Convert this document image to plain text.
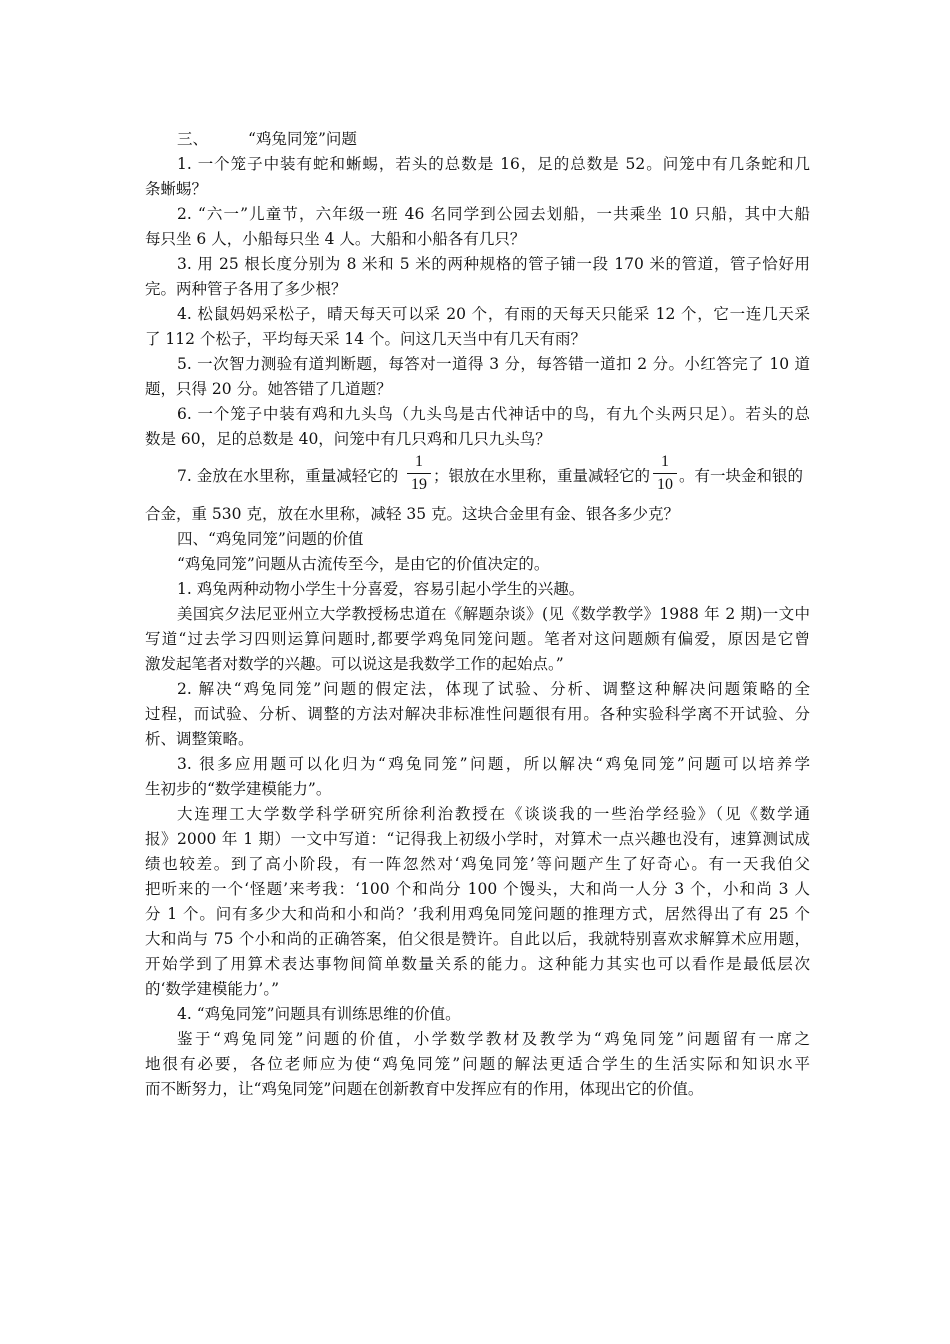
三、	“鸡兔同笼”问题
1. 一个笼子中装有蛇和蜥蜴，若头的总数是 16，足的总数是 52。问笼中有几条蛇和几
条蜥蜴？
2. “六一”儿童节，六年级一班 46 名同学到公园去划船，一共乘坐 10 只船，其中大船
每只坐 6 人，小船每只坐 4 人。大船和小船各有几只？
3. 用 25 根长度分别为 8 米和 5 米的两种规格的管子铺一段 170 米的管道，管子恰好用
完。两种管子各用了多少根？
4. 松鼠妈妈采松子，晴天每天可以采 20 个，有雨的天每天只能采 12 个，它一连几天采
了 112 个松子，平均每天采 14 个。问这几天当中有几天有雨？
5. 一次智力测验有道判断题，每答对一道得 3 分，每答错一道扣 2 分。小红答完了 10 道
题，只得 20 分。她答错了几道题？
6. 一个笼子中装有鸡和九头鸟（九头鸟是古代神话中的鸟，有九个头两只足）。若头的总
数是 60，足的总数是 40，问笼中有几只鸡和几只九头鸟？
7. 金放在水里称，重量减轻它的
1
19 ；银放在水里称，重量减轻它的
1
10 。有一块金和银的
合金，重 530 克，放在水里称，减轻 35 克。这块合金里有金、银各多少克？
四、“鸡兔同笼”问题的价值
“鸡兔同笼”问题从古流传至今，是由它的价值决定的。
1. 鸡兔两种动物小学生十分喜爱，容易引起小学生的兴趣。
美国宾夕法尼亚州立大学教授杨忠道在《解题杂谈》(见《数学教学》1988 年 2 期)一文中
写道“过去学习四则运算问题时,都要学鸡兔同笼问题。笔者对这问题颇有偏爱，原因是它曾
激发起笔者对数学的兴趣。可以说这是我数学工作的起始点。”
2. 解决“鸡兔同笼”问题的假定法，体现了试验、分析、调整这种解决问题策略的全
过程，而试验、分析、调整的方法对解决非标准性问题很有用。各种实验科学离不开试验、分
析、调整策略。
3. 很多应用题可以化归为“鸡兔同笼”问题，所以解决“鸡兔同笼”问题可以培养学
生初步的“数学建模能力”。
大连理工大学数学科学研究所徐利治教授在《谈谈我的一些治学经验》（见《数学通
报》2000 年 1 期）一文中写道：“记得我上初级小学时，对算术一点兴趣也没有，速算测试成
绩也较差。到了高小阶段，有一阵忽然对‘鸡兔同笼’等问题产生了好奇心。有一天我伯父
把听来的一个‘怪题’来考我：‘100 个和尚分 100 个馒头，大和尚一人分 3 个，小和尚 3 人
分 1 个。问有多少大和尚和小和尚？’我利用鸡兔同笼问题的推理方式，居然得出了有 25 个
大和尚与 75 个小和尚的正确答案，伯父很是赞许。自此以后，我就特别喜欢求解算术应用题，
开始学到了用算术表达事物间简单数量关系的能力。这种能力其实也可以看作是最低层次
的‘数学建模能力’。”
4. “鸡兔同笼”问题具有训练思维的价值。
鉴于“鸡兔同笼”问题的价值，小学数学教材及教学为“鸡兔同笼”问题留有一席之
地很有必要，各位老师应为使“鸡兔同笼”问题的解法更适合学生的生活实际和知识水平
而不断努力，让“鸡兔同笼”问题在创新教育中发挥应有的作用，体现出它的价值。
